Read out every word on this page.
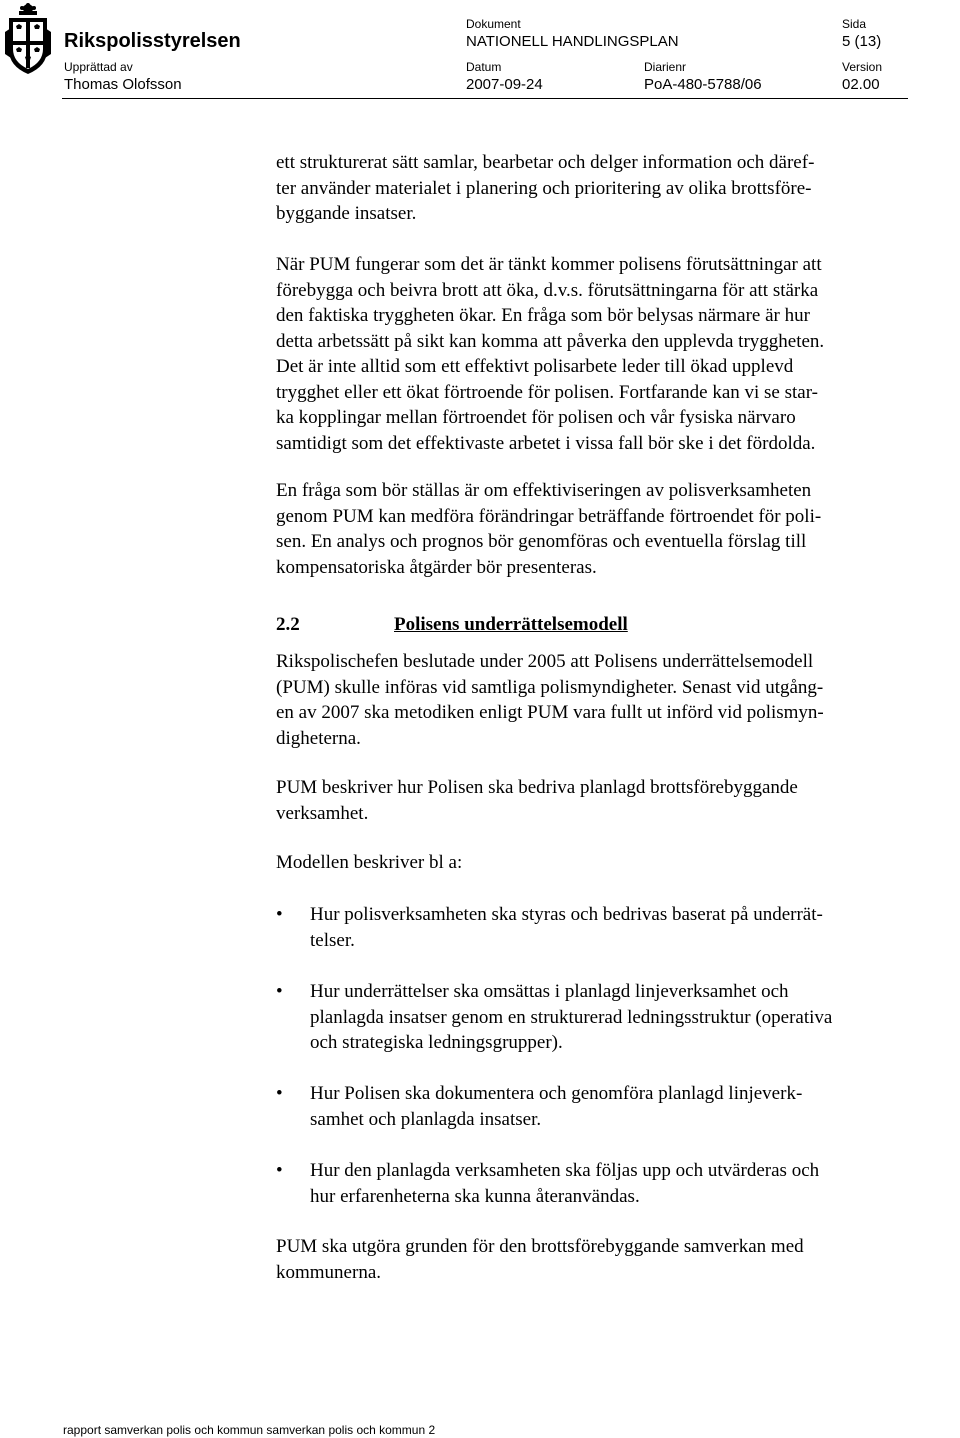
Rikspolisstyrelsen
Dokument
NATIONELL HANDLINGSPLAN
Sida
5 (13)
Upprättad av
Thomas Olofsson
Datum
2007-09-24
Diarienr
PoA-480-5788/06
Version
02.00
ett strukturerat sätt samlar, bearbetar och delger information och däref-
ter använder materialet i planering och prioritering av olika brottsföre-
byggande insatser.
När PUM fungerar som det är tänkt kommer polisens förutsättningar att
förebygga och beivra brott att öka, d.v.s. förutsättningarna för att stärka
den faktiska tryggheten ökar. En fråga som bör belysas närmare är hur
detta arbetssätt på sikt kan komma att påverka den upplevda tryggheten.
Det är inte alltid som ett effektivt polisarbete leder till ökad upplevd
trygghet eller ett ökat förtroende för polisen. Fortfarande kan vi se star-
ka kopplingar mellan förtroendet för polisen och vår fysiska närvaro
samtidigt som det effektivaste arbetet i vissa fall bör ske i det fördolda.
En fråga som bör ställas är om effektiviseringen av polisverksamheten
genom PUM kan medföra förändringar beträffande förtroendet för poli-
sen. En analys och prognos bör genomföras och eventuella förslag till
kompensatoriska åtgärder bör presenteras.
2.2	Polisens underrättelsemodell
Rikspolischefen beslutade under 2005 att Polisens underrättelsemodell
(PUM) skulle införas vid samtliga polismyndigheter. Senast vid utgång-
en av 2007 ska metodiken enligt PUM vara fullt ut införd vid polismyn-
digheterna.
PUM beskriver hur Polisen ska bedriva planlagd brottsförebyggande
verksamhet.
Modellen beskriver bl a:
• Hur polisverksamheten ska styras och bedrivas baserat på underrät-
telser.
• Hur underrättelser ska omsättas i planlagd linjeverksamhet och
planlagda insatser genom en strukturerad ledningsstruktur (operativa
och strategiska ledningsgrupper).
• Hur Polisen ska dokumentera och genomföra planlagd linjeverk-
samhet och planlagda insatser.
• Hur den planlagda verksamheten ska följas upp och utvärderas och
hur erfarenheterna ska kunna återanvändas.
PUM ska utgöra grunden för den brottsförebyggande samverkan med
kommunerna.
rapport samverkan polis och kommun samverkan polis och kommun 2
